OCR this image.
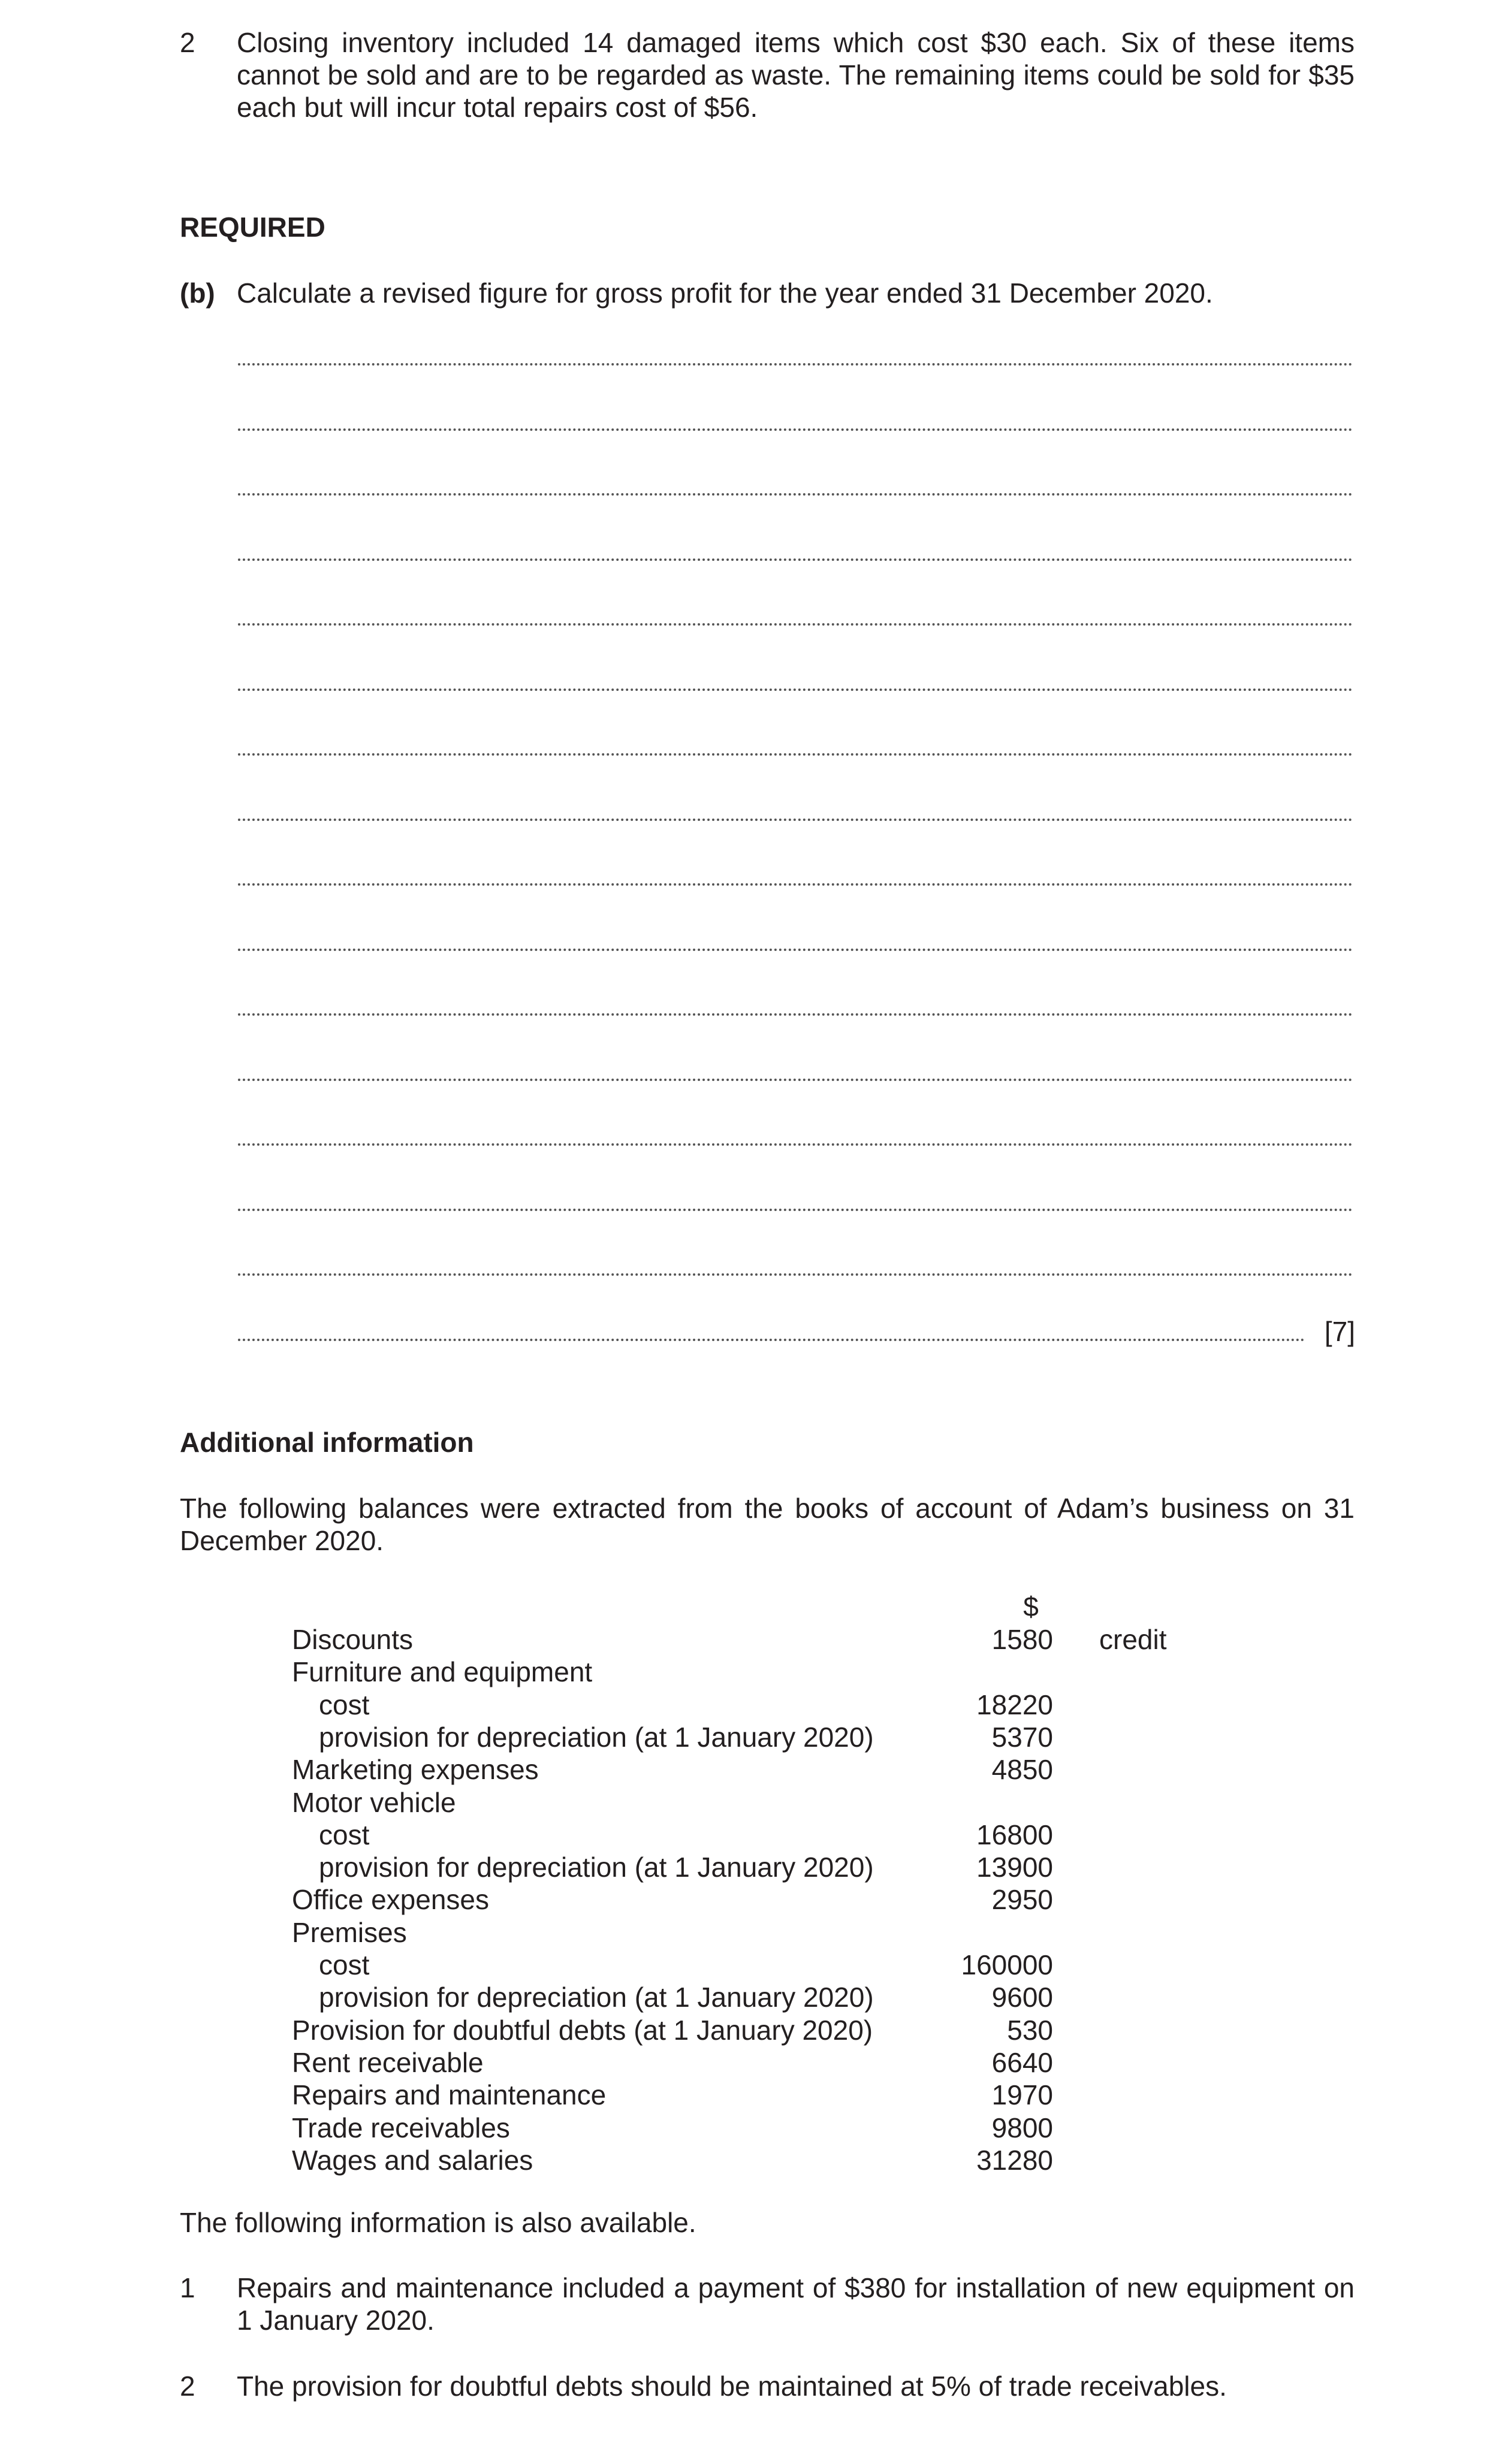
2 Closing inventory included 14 damaged items which cost $30 each. Six of these items cannot be sold and are to be regarded as waste. The remaining items could be sold for $35 each but will incur total repairs cost of $56.
REQUIRED
(b) Calculate a revised figure for gross profit for the year ended 31 December 2020.
[7]
Additional information
The following balances were extracted from the books of account of Adam’s business on 31 December 2020.
$
Discounts	1580 credit
Furniture and equipment
cost	18220
provision for depreciation (at 1 January 2020)	5370
Marketing expenses	4850
Motor vehicle
cost	16800
provision for depreciation (at 1 January 2020)	13900
Office expenses	2950
Premises
cost	160000
provision for depreciation (at 1 January 2020)	9600
Provision for doubtful debts (at 1 January 2020)	530
Rent receivable	6640
Repairs and maintenance	1970
Trade receivables	9800
Wages and salaries	31280
The following information is also available.
1 Repairs and maintenance included a payment of $380 for installation of new equipment on 1 January 2020.
2 The provision for doubtful debts should be maintained at 5% of trade receivables.
